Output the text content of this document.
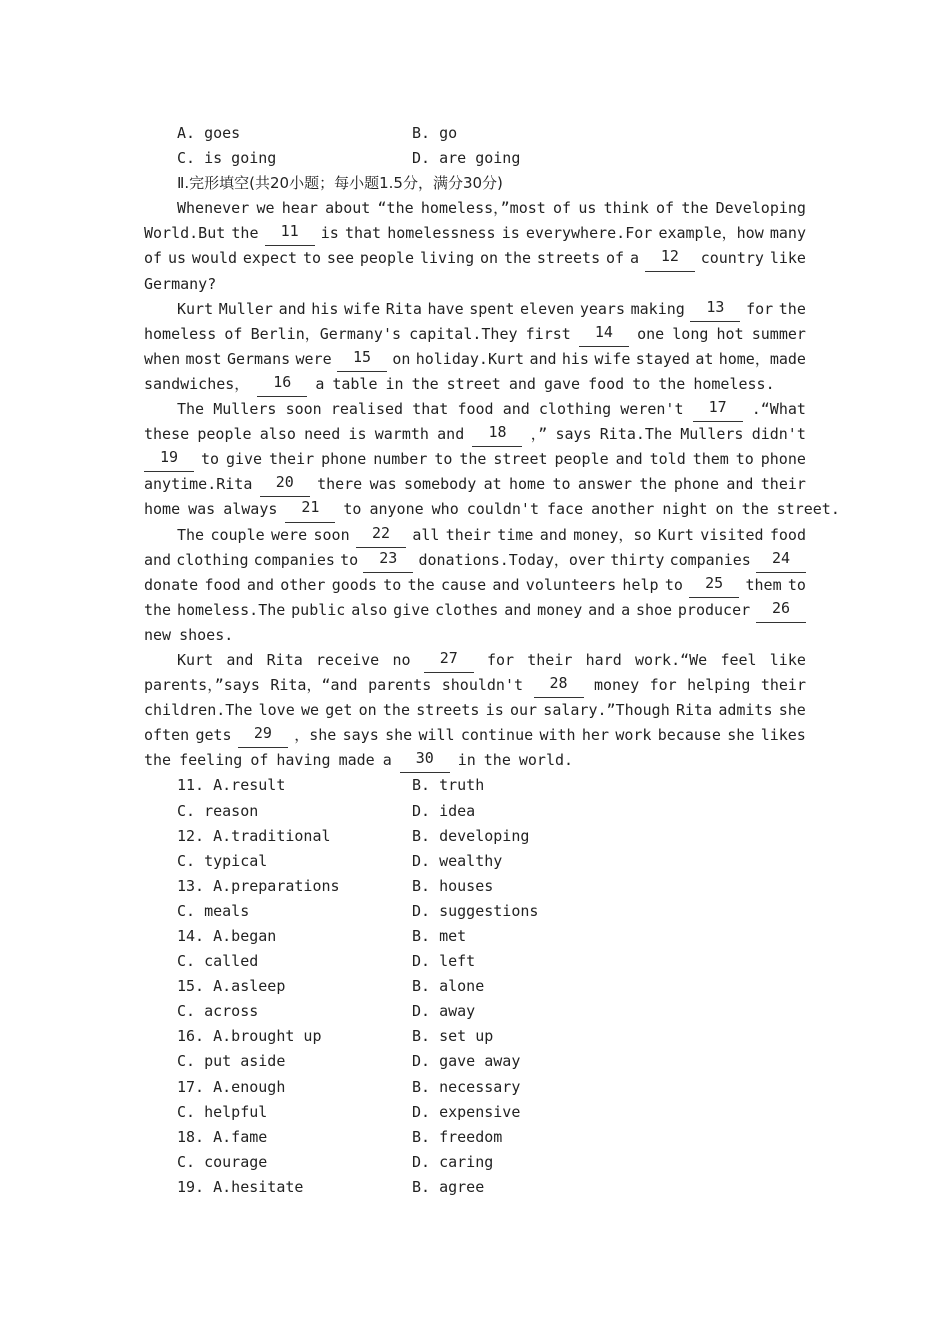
A. goes	B. go
C. is going	D. are going
Ⅱ.完形填空(共20小题；每小题1.5分，满分30分)
Whenever we hear about “the homeless，”most of us think of the Developing
World.But the	11	is that homelessness is everywhere.For example，how many
of us would expect to see people living on the streets of a	12	country like
Germany?
Kurt Muller and his wife Rita have spent eleven years making	13	for the
homeless of Berlin，Germany's capital.They first	14	one long hot summer
when most Germans were	15	on holiday.Kurt and his wife stayed at home，made
sandwiches，	16	a table in the street and gave food to the homeless.
The Mullers soon realised that food and clothing weren't	17	.“What
these people also need is warmth and	18	，” says Rita.The Mullers didn't
19	to give their phone number to the street people and told them to phone
anytime.Rita	20	there was somebody at home to answer the phone and their
home was always	21	to anyone who couldn't face another night on the street.
The couple were soon	22	all their time and money，so Kurt visited food
and clothing companies to	23	donations.Today，over thirty companies	24
donate food and other goods to the cause and volunteers help to	25	them to
the homeless.The public also give clothes and money and a shoe producer	26
new shoes.
Kurt and Rita receive no	27	for their hard work.“We feel like
parents，”says Rita，“and parents shouldn't	28	money for helping their
children.The love we get on the streets is our salary.”Though Rita admits she
often gets	29	，she says she will continue with her work because she likes
the feeling of having made a	30	in the world.
11. A.result	B. truth
C. reason	D. idea
12. A.traditional	B. developing
C. typical	D. wealthy
13. A.preparations	B. houses
C. meals	D. suggestions
14. A.began	B. met
C. called	D. left
15. A.asleep	B. alone
C. across	D. away
16. A.brought up	B. set up
C. put aside	D. gave away
17. A.enough	B. necessary
C. helpful	D. expensive
18. A.fame	B. freedom
C. courage	D. caring
19. A.hesitate	B. agree
